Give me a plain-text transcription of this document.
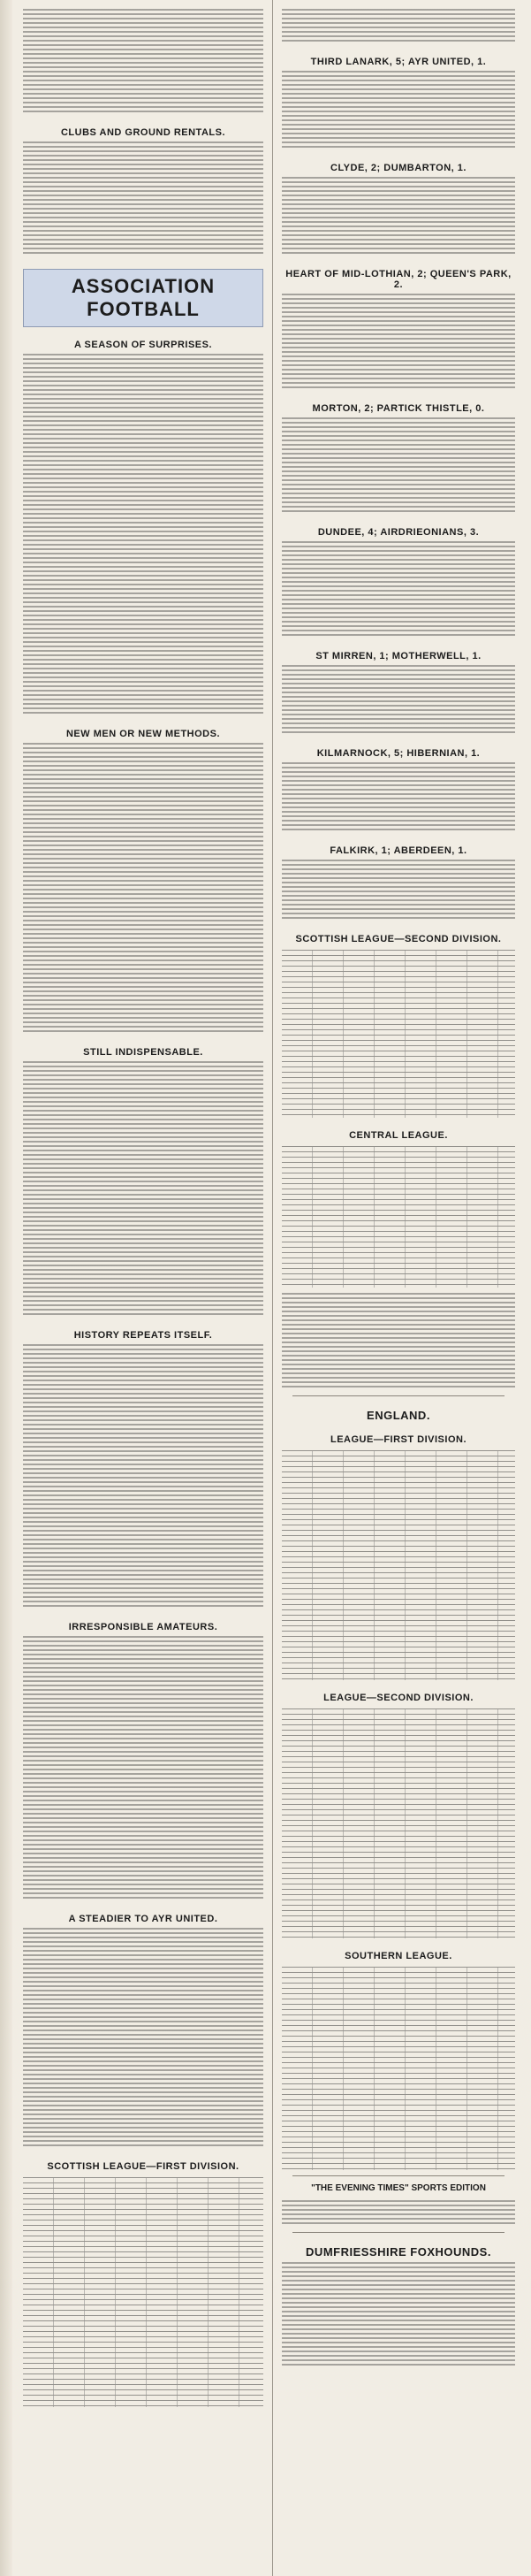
CLUBS AND GROUND RENTALS.
ASSOCIATION FOOTBALL
A SEASON OF SURPRISES.
NEW MEN OR NEW METHODS.
STILL INDISPENSABLE.
HISTORY REPEATS ITSELF.
IRRESPONSIBLE AMATEURS.
A STEADIER TO AYR UNITED.
SCOTTISH LEAGUE—FIRST DIVISION.
THIRD LANARK, 5; AYR UNITED, 1.
CLYDE, 2; DUMBARTON, 1.
HEART OF MID-LOTHIAN, 2; QUEEN'S PARK, 2.
MORTON, 2; PARTICK THISTLE, 0.
DUNDEE, 4; AIRDRIEONIANS, 3.
ST MIRREN, 1; MOTHERWELL, 1.
KILMARNOCK, 5; HIBERNIAN, 1.
FALKIRK, 1; ABERDEEN, 1.
SCOTTISH LEAGUE—SECOND DIVISION.
CENTRAL LEAGUE.
ENGLAND.
LEAGUE—FIRST DIVISION.
LEAGUE—SECOND DIVISION.
SOUTHERN LEAGUE.
"THE EVENING TIMES" SPORTS EDITION
DUMFRIESSHIRE FOXHOUNDS.
